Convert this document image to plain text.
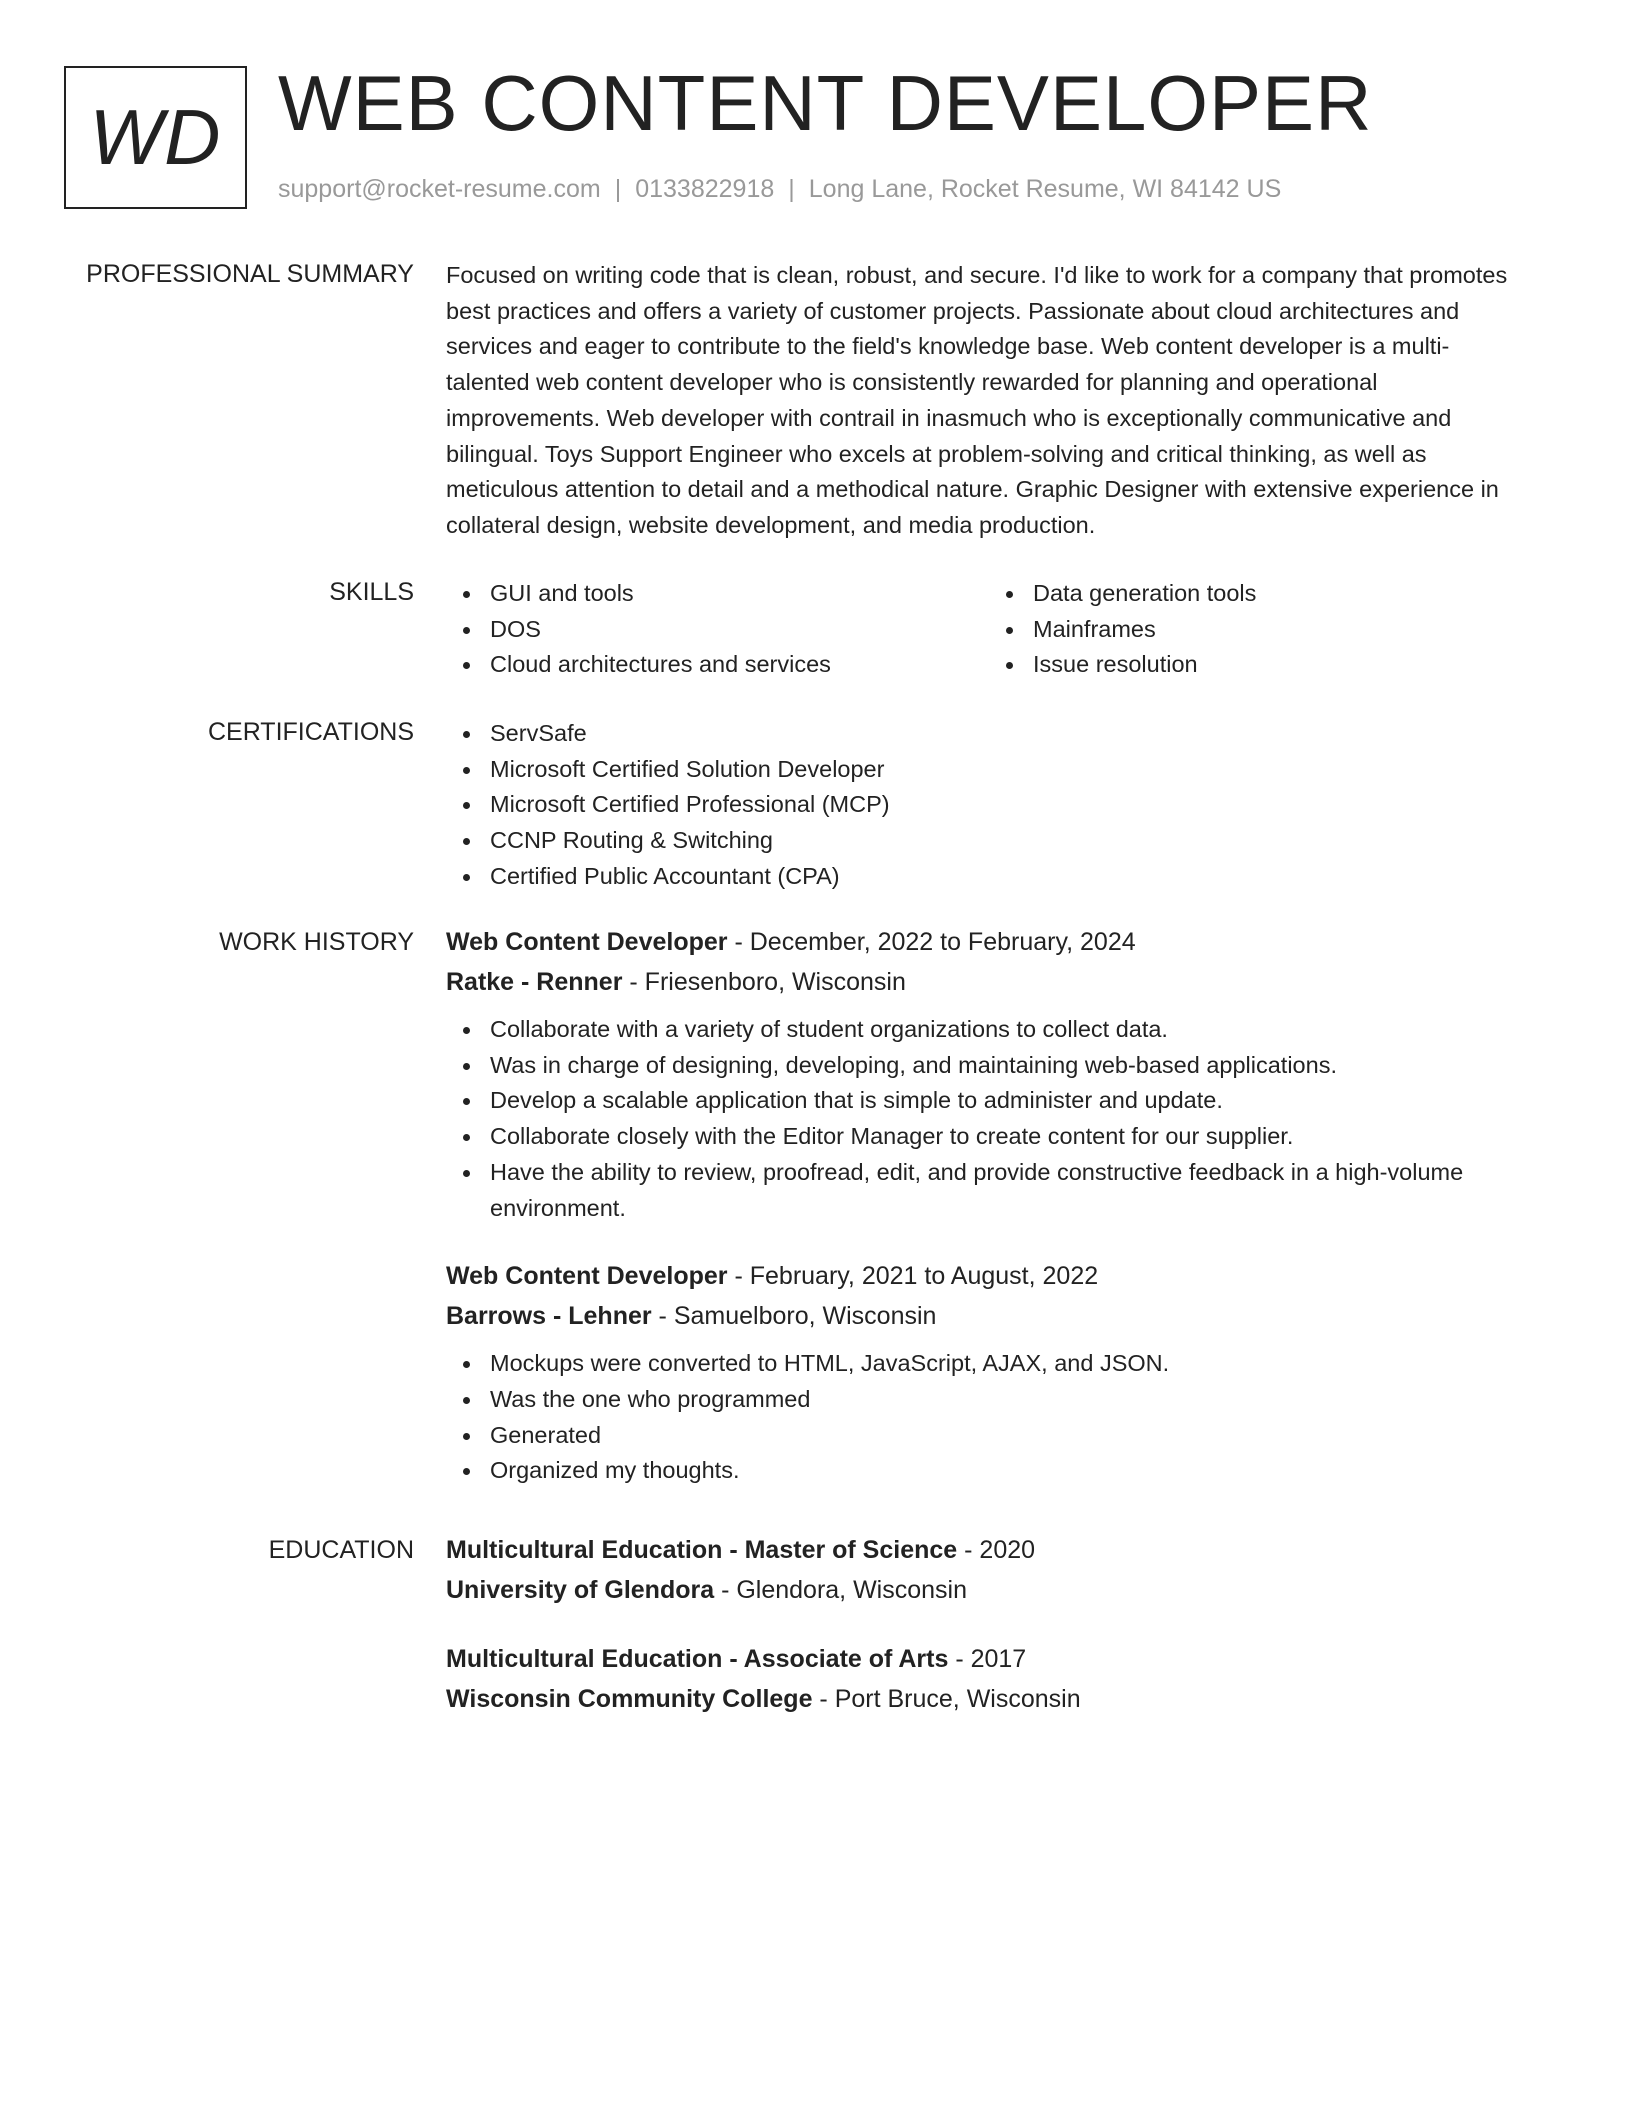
WD WEB CONTENT DEVELOPER
support@rocket-resume.com | 0133822918 | Long Lane, Rocket Resume, WI 84142 US
PROFESSIONAL SUMMARY Focused on writing code that is clean, robust, and secure. I'd like to work for a company that promotes best practices and offers a variety of customer projects. Passionate about cloud architectures and services and eager to contribute to the field's knowledge base. Web content developer is a multi-talented web content developer who is consistently rewarded for planning and operational improvements. Web developer with contrail in inasmuch who is exceptionally communicative and bilingual. Toys Support Engineer who excels at problem-solving and critical thinking, as well as meticulous attention to detail and a methodical nature. Graphic Designer with extensive experience in collateral design, website development, and media production.
SKILLS	GUI and tools
DOS
Cloud architectures and services
Data generation tools
Mainframes
Issue resolution
CERTIFICATIONS	ServSafe
Microsoft Certified Solution Developer
Microsoft Certified Professional (MCP)
CCNP Routing & Switching
Certified Public Accountant (CPA)
WORK HISTORY Web Content Developer - December, 2022 to February, 2024
Ratke - Renner - Friesenboro, Wisconsin
Collaborate with a variety of student organizations to collect data.
Was in charge of designing, developing, and maintaining web-based applications.
Develop a scalable application that is simple to administer and update.
Collaborate closely with the Editor Manager to create content for our supplier.
Have the ability to review, proofread, edit, and provide constructive feedback in a high-volume environment.
Web Content Developer - February, 2021 to August, 2022
Barrows - Lehner - Samuelboro, Wisconsin
Mockups were converted to HTML, JavaScript, AJAX, and JSON.
Was the one who programmed
Generated
Organized my thoughts.
EDUCATION Multicultural Education - Master of Science - 2020
University of Glendora - Glendora, Wisconsin
Multicultural Education - Associate of Arts - 2017
Wisconsin Community College - Port Bruce, Wisconsin
